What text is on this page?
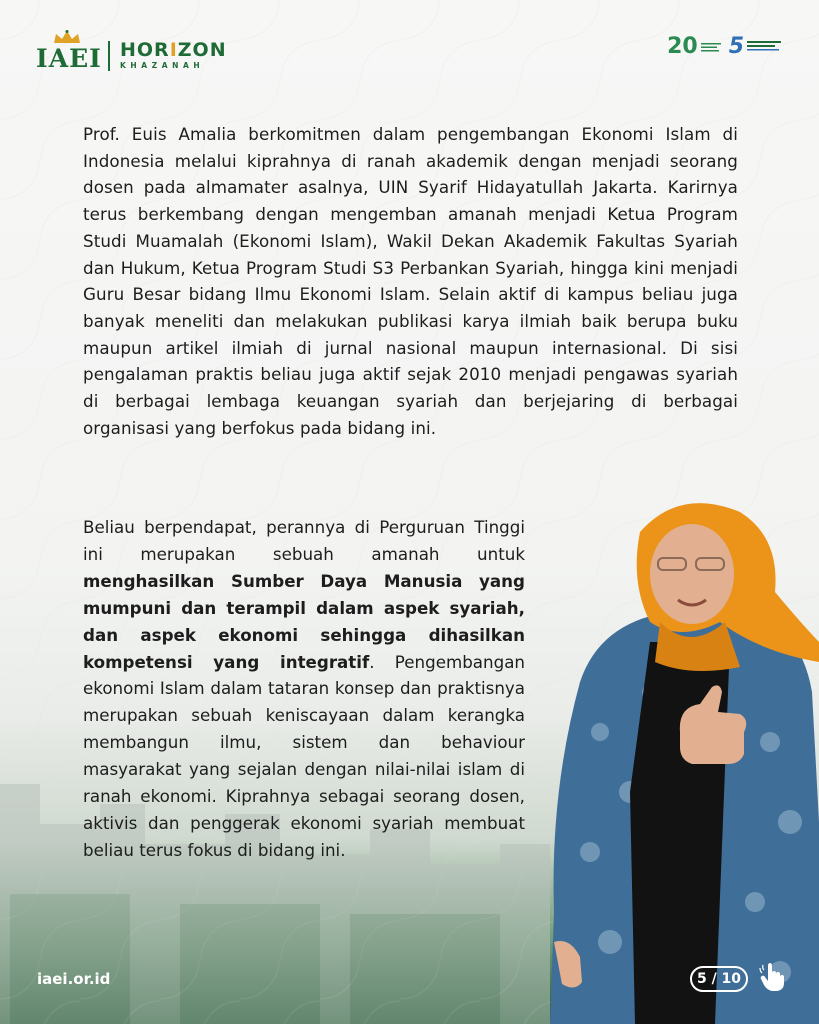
IAEI HORIZON
KHAZANAH
20 5

Prof. Euis Amalia berkomitmen dalam pengembangan Ekonomi Islam di Indonesia melalui kiprahnya di ranah akademik dengan menjadi seorang dosen pada almamater asalnya, UIN Syarif Hidayatullah Jakarta. Karirnya terus berkembang dengan mengemban amanah menjadi Ketua Program Studi Muamalah (Ekonomi Islam), Wakil Dekan Akademik Fakultas Syariah dan Hukum, Ketua Program Studi S3 Perbankan Syariah, hingga kini menjadi Guru Besar bidang Ilmu Ekonomi Islam. Selain aktif di kampus beliau juga banyak meneliti dan melakukan publikasi karya ilmiah baik berupa buku maupun artikel ilmiah di jurnal nasional maupun internasional. Di sisi pengalaman praktis beliau juga aktif sejak 2010 menjadi pengawas syariah di berbagai lembaga keuangan syariah dan berjejaring di berbagai organisasi yang berfokus pada bidang ini.

Beliau berpendapat, perannya di Perguruan Tinggi ini merupakan sebuah amanah untuk menghasilkan Sumber Daya Manusia yang mumpuni dan terampil dalam aspek syariah, dan aspek ekonomi sehingga dihasilkan kompetensi yang integratif. Pengembangan ekonomi Islam dalam tataran konsep dan praktisnya merupakan sebuah keniscayaan dalam kerangka membangun ilmu, sistem dan behaviour masyarakat yang sejalan dengan nilai-nilai islam di ranah ekonomi. Kiprahnya sebagai seorang dosen, aktivis dan penggerak ekonomi syariah membuat beliau terus fokus di bidang ini.

iaei.or.id	5 / 10
